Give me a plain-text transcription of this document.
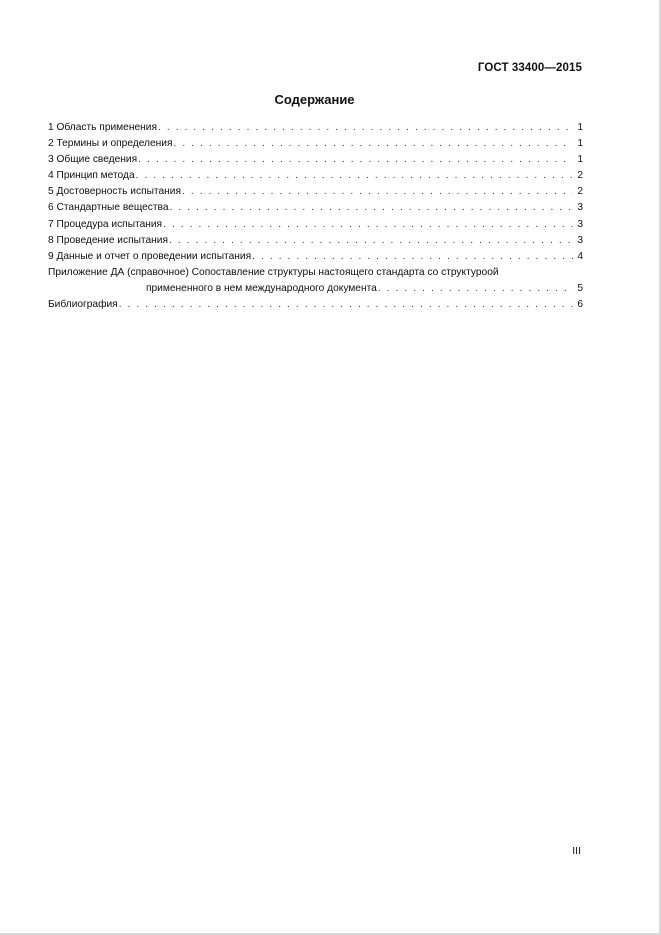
ГОСТ 33400—2015
Содержание
1 Область применения . . .	1
2 Термины и определения . . .	1
3 Общие сведения . . .	1
4 Принцип метода . . .	2
5 Достоверность испытания . . .	2
6 Стандартные вещества . . .	3
7 Процедура испытания . . .	3
8 Проведение испытания . . .	3
9 Данные и отчет о проведении испытания . . .	4
Приложение ДА (справочное) Сопоставление структуры настоящего стандарта со структуроой
примененного в нем международного документа . . .	5
Библиография . . .	6
III
